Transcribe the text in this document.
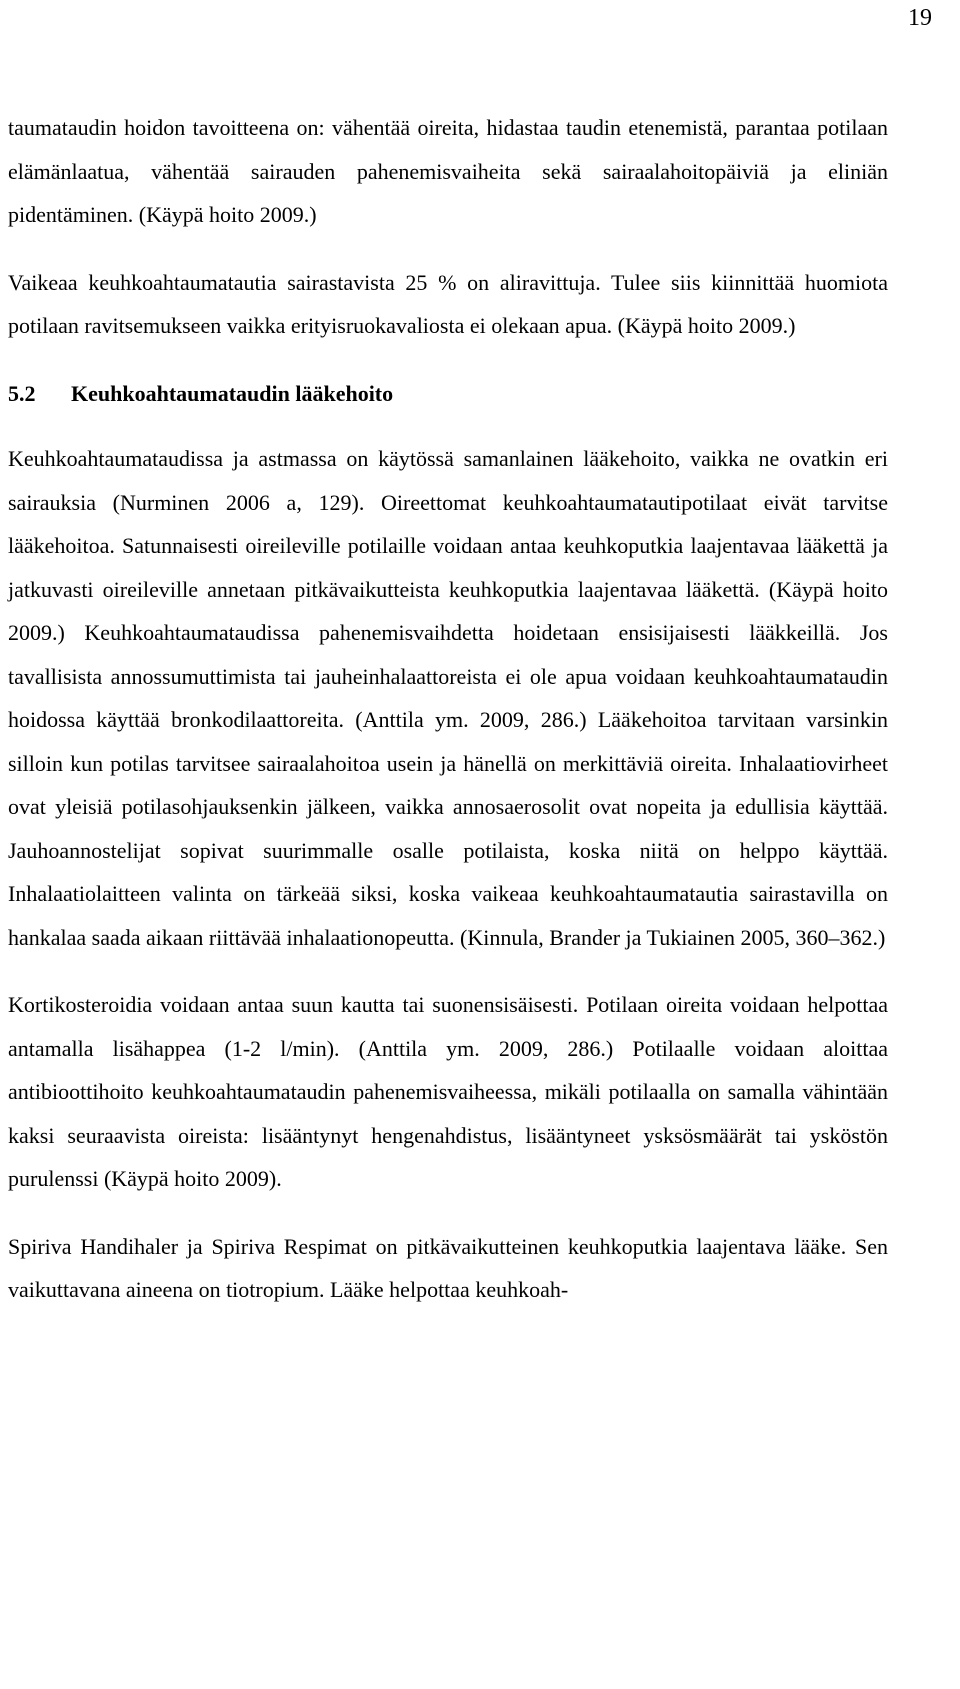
19

taumataudin hoidon tavoitteena on: vähentää oireita, hidastaa taudin etenemistä, parantaa potilaan elämänlaatua, vähentää sairauden pahenemisvaiheita sekä sairaalahoitopäiviä ja eliniän pidentäminen. (Käypä hoito 2009.)

Vaikeaa keuhkoahtaumatautia sairastavista 25 % on aliravittuja. Tulee siis kiinnittää huomiota potilaan ravitsemukseen vaikka erityisruokavaliosta ei olekaan apua. (Käypä hoito 2009.)

5.2 Keuhkoahtaumataudin lääkehoito

Keuhkoahtaumataudissa ja astmassa on käytössä samanlainen lääkehoito, vaikka ne ovatkin eri sairauksia (Nurminen 2006 a, 129). Oireettomat keuhkoahtaumatautipotilaat eivät tarvitse lääkehoitoa. Satunnaisesti oireileville potilaille voidaan antaa keuhkoputkia laajentavaa lääkettä ja jatkuvasti oireileville annetaan pitkävaikutteista keuhkoputkia laajentavaa lääkettä. (Käypä hoito 2009.) Keuhkoahtaumataudissa pahenemisvaihdetta hoidetaan ensisijaisesti lääkkeillä. Jos tavallisista annossumuttimista tai jauheinhalaattoreista ei ole apua voidaan keuhkoahtaumataudin hoidossa käyttää bronkodilaattoreita. (Anttila ym. 2009, 286.) Lääkehoitoa tarvitaan varsinkin silloin kun potilas tarvitsee sairaalahoitoa usein ja hänellä on merkittäviä oireita. Inhalaatiovirheet ovat yleisiä potilasohjauksenkin jälkeen, vaikka annosaerosolit ovat nopeita ja edullisia käyttää. Jauhoannostelijat sopivat suurimmalle osalle potilaista, koska niitä on helppo käyttää. Inhalaatiolaitteen valinta on tärkeää siksi, koska vaikeaa keuhkoahtaumatautia sairastavilla on hankalaa saada aikaan riittävää inhalaationopeutta. (Kinnula, Brander ja Tukiainen 2005, 360–362.)

Kortikosteroidia voidaan antaa suun kautta tai suonensisäisesti. Potilaan oireita voidaan helpottaa antamalla lisähappea (1-2 l/min). (Anttila ym. 2009, 286.) Potilaalle voidaan aloittaa antibioottihoito keuhkoahtaumataudin pahenemisvaiheessa, mikäli potilaalla on samalla vähintään kaksi seuraavista oireista: lisääntynyt hengenahdistus, lisääntyneet ysksösmäärät tai ysköstön purulenssi (Käypä hoito 2009).

Spiriva Handihaler ja Spiriva Respimat on pitkävaikutteinen keuhkoputkia laajentava lääke. Sen vaikuttavana aineena on tiotropium. Lääke helpottaa keuhkoah-
